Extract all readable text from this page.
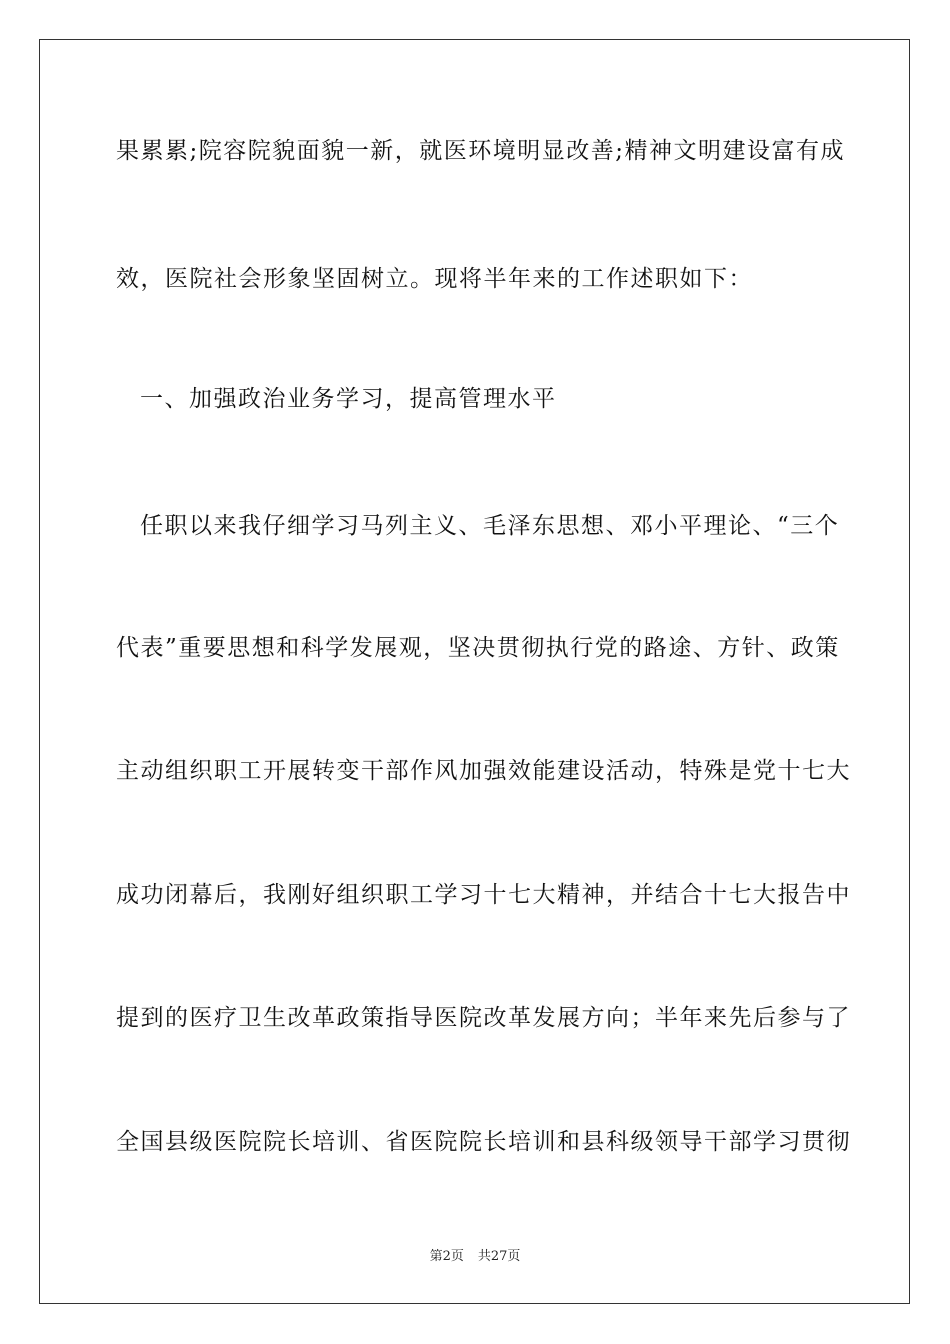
果累累;院容院貌面貌一新，就医环境明显改善;精神文明建设富有成
效，医院社会形象坚固树立。现将半年来的工作述职如下：
一、加强政治业务学习，提高管理水平
任职以来我仔细学习马列主义、毛泽东思想、邓小平理论、“三个
代表”重要思想和科学发展观，坚决贯彻执行党的路途、方针、政策
主动组织职工开展转变干部作风加强效能建设活动，特殊是党十七大
成功闭幕后，我刚好组织职工学习十七大精神，并结合十七大报告中
提到的医疗卫生改革政策指导医院改革发展方向；半年来先后参与了
全国县级医院院长培训、省医院院长培训和县科级领导干部学习贯彻
第2页 共27页
